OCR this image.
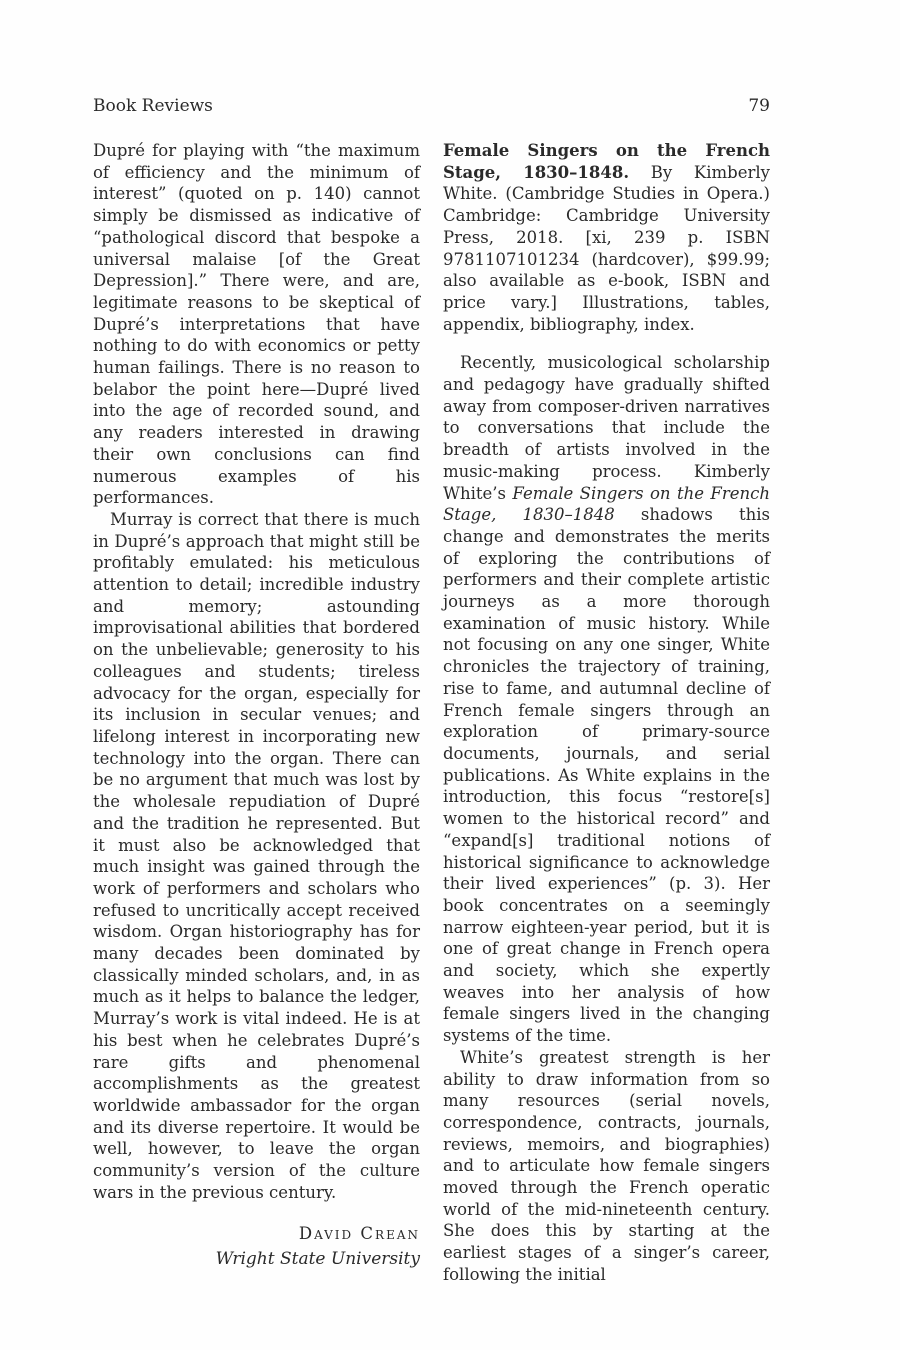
Book Reviews	79

Dupré for playing with “the maximum of efficiency and the minimum of interest” (quoted on p. 140) cannot simply be dismissed as indicative of “pathological discord that bespoke a universal malaise [of the Great Depression].” There were, and are, legitimate reasons to be skeptical of Dupré’s interpretations that have nothing to do with economics or petty human failings. There is no reason to belabor the point here—Dupré lived into the age of recorded sound, and any readers interested in drawing their own conclusions can find numerous examples of his performances.

Murray is correct that there is much in Dupré’s approach that might still be profitably emulated: his meticulous attention to detail; incredible industry and memory; astounding improvisational abilities that bordered on the unbelievable; generosity to his colleagues and students; tireless advocacy for the organ, especially for its inclusion in secular venues; and lifelong interest in incorporating new technology into the organ. There can be no argument that much was lost by the wholesale repudiation of Dupré and the tradition he represented. But it must also be acknowledged that much insight was gained through the work of performers and scholars who refused to uncritically accept received wisdom. Organ historiography has for many decades been dominated by classically minded scholars, and, in as much as it helps to balance the ledger, Murray’s work is vital indeed. He is at his best when he celebrates Dupré’s rare gifts and phenomenal accomplishments as the greatest worldwide ambassador for the organ and its diverse repertoire. It would be well, however, to leave the organ community’s version of the culture wars in the previous century.

David Crean
Wright State University

Female Singers on the French Stage, 1830–1848. By Kimberly White. (Cambridge Studies in Opera.) Cambridge: Cambridge University Press, 2018. [xi, 239 p. ISBN 9781107101234 (hardcover), $99.99; also available as e-book, ISBN and price vary.] Illustrations, tables, appendix, bibliography, index.

Recently, musicological scholarship and pedagogy have gradually shifted away from composer-driven narratives to conversations that include the breadth of artists involved in the music-making process. Kimberly White’s Female Singers on the French Stage, 1830–1848 shadows this change and demonstrates the merits of exploring the contributions of performers and their complete artistic journeys as a more thorough examination of music history. While not focusing on any one singer, White chronicles the trajectory of training, rise to fame, and autumnal decline of French female singers through an exploration of primary-source documents, journals, and serial publications. As White explains in the introduction, this focus “restore[s] women to the historical record” and “expand[s] traditional notions of historical significance to acknowledge their lived experiences” (p. 3). Her book concentrates on a seemingly narrow eighteen-year period, but it is one of great change in French opera and society, which she expertly weaves into her analysis of how female singers lived in the changing systems of the time.

White’s greatest strength is her ability to draw information from so many resources (serial novels, correspondence, contracts, journals, reviews, memoirs, and biographies) and to articulate how female singers moved through the French operatic world of the mid-nineteenth century. She does this by starting at the earliest stages of a singer’s career, following the initial
